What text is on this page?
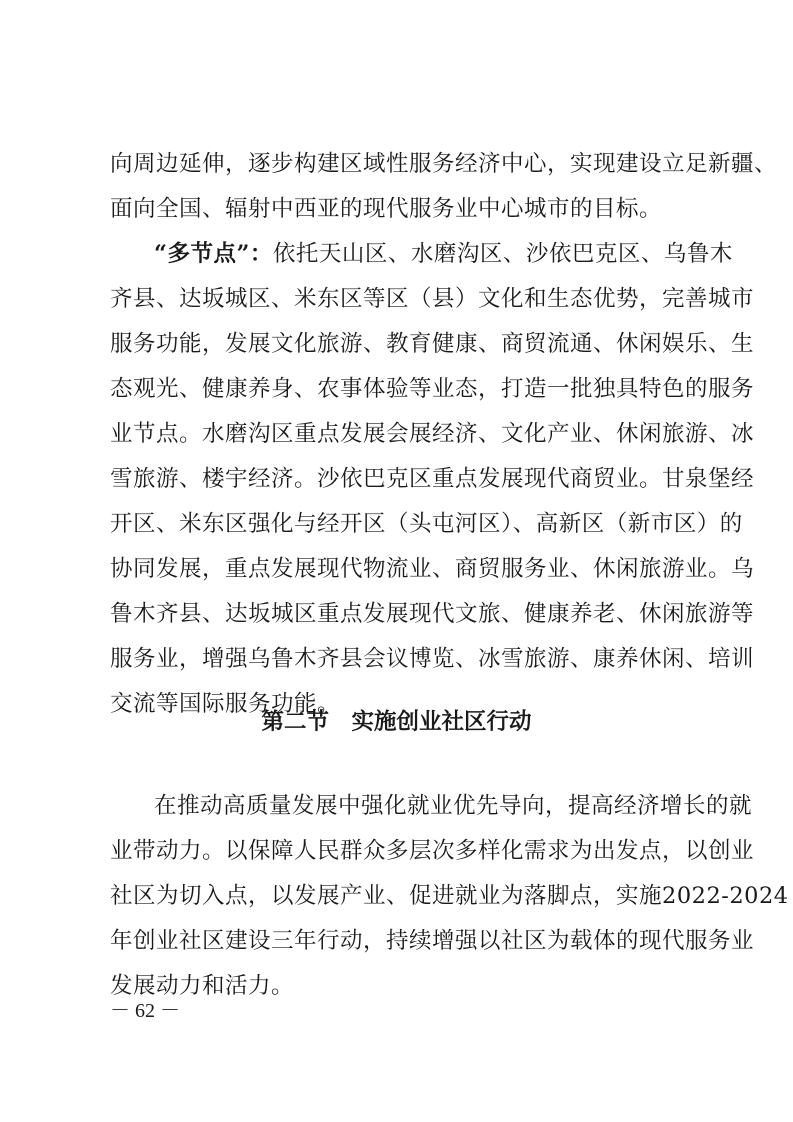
向周边延伸，逐步构建区域性服务经济中心，实现建设立足新疆、
面向全国、辐射中西亚的现代服务业中心城市的目标。
“多节点”：依托天山区、水磨沟区、沙依巴克区、乌鲁木
齐县、达坂城区、米东区等区（县）文化和生态优势，完善城市
服务功能，发展文化旅游、教育健康、商贸流通、休闲娱乐、生
态观光、健康养身、农事体验等业态，打造一批独具特色的服务
业节点。水磨沟区重点发展会展经济、文化产业、休闲旅游、冰
雪旅游、楼宇经济。沙依巴克区重点发展现代商贸业。甘泉堡经
开区、米东区强化与经开区（头屯河区）、高新区（新市区）的
协同发展，重点发展现代物流业、商贸服务业、休闲旅游业。乌
鲁木齐县、达坂城区重点发展现代文旅、健康养老、休闲旅游等
服务业，增强乌鲁木齐县会议博览、冰雪旅游、康养休闲、培训
交流等国际服务功能。
第二节　实施创业社区行动
在推动高质量发展中强化就业优先导向，提高经济增长的就
业带动力。以保障人民群众多层次多样化需求为出发点，以创业
社区为切入点，以发展产业、促进就业为落脚点，实施2022-2024
年创业社区建设三年行动，持续增强以社区为载体的现代服务业
发展动力和活力。
－ 62 －
